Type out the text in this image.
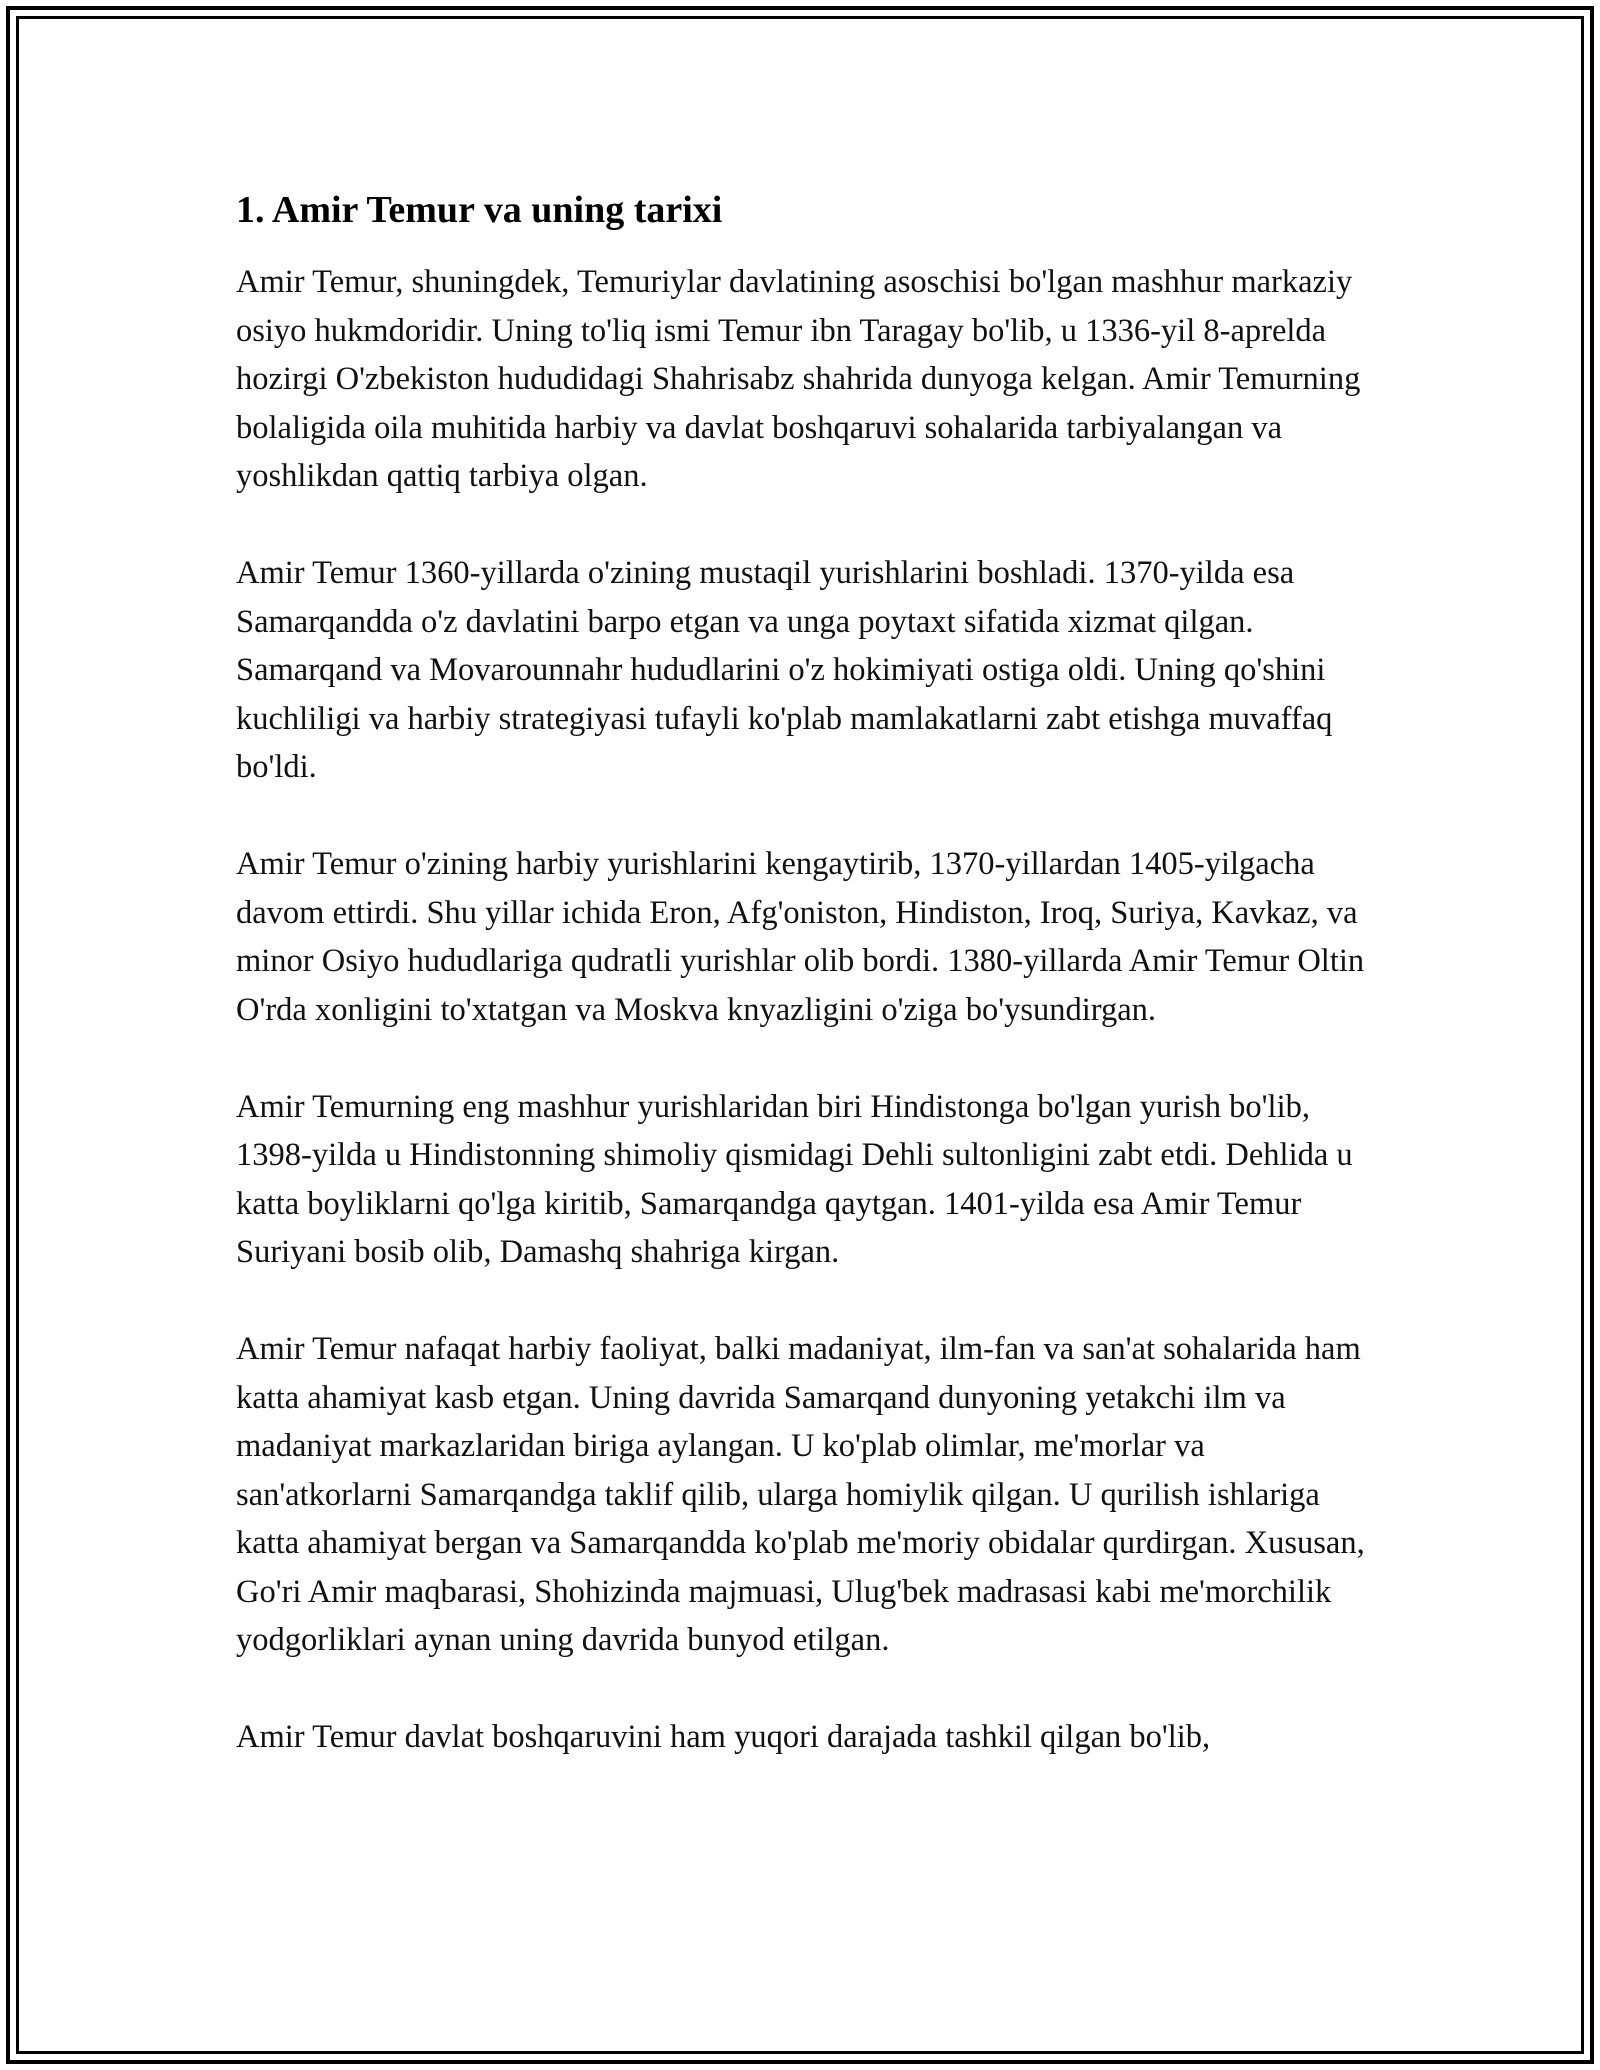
1. Amir Temur va uning tarixi

Amir Temur, shuningdek, Temuriylar davlatining asoschisi bo'lgan mashhur markaziy osiyo hukmdoridir. Uning to'liq ismi Temur ibn Taragay bo'lib, u 1336-yil 8-aprelda hozirgi O'zbekiston hududidagi Shahrisabz shahrida dunyoga kelgan. Amir Temurning bolaligida oila muhitida harbiy va davlat boshqaruvi sohalarida tarbiyalangan va yoshlikdan qattiq tarbiya olgan.

Amir Temur 1360-yillarda o'zining mustaqil yurishlarini boshladi. 1370-yilda esa Samarqandda o'z davlatini barpo etgan va unga poytaxt sifatida xizmat qilgan. Samarqand va Movarounnahr hududlarini o'z hokimiyati ostiga oldi. Uning qo'shini kuchliligi va harbiy strategiyasi tufayli ko'plab mamlakatlarni zabt etishga muvaffaq bo'ldi.

Amir Temur o'zining harbiy yurishlarini kengaytirib, 1370-yillardan 1405-yilgacha davom ettirdi. Shu yillar ichida Eron, Afg'oniston, Hindiston, Iroq, Suriya, Kavkaz, va minor Osiyo hududlariga qudratli yurishlar olib bordi. 1380-yillarda Amir Temur Oltin O'rda xonligini to'xtatgan va Moskva knyazligini o'ziga bo'ysundirgan.

Amir Temurning eng mashhur yurishlaridan biri Hindistonga bo'lgan yurish bo'lib, 1398-yilda u Hindistonning shimoliy qismidagi Dehli sultonligini zabt etdi. Dehlida u katta boyliklarni qo'lga kiritib, Samarqandga qaytgan. 1401-yilda esa Amir Temur Suriyani bosib olib, Damashq shahriga kirgan.

Amir Temur nafaqat harbiy faoliyat, balki madaniyat, ilm-fan va san'at sohalarida ham katta ahamiyat kasb etgan. Uning davrida Samarqand dunyoning yetakchi ilm va madaniyat markazlaridan biriga aylangan. U ko'plab olimlar, me'morlar va san'atkorlarni Samarqandga taklif qilib, ularga homiylik qilgan. U qurilish ishlariga katta ahamiyat bergan va Samarqandda ko'plab me'moriy obidalar qurdirgan. Xususan, Go'ri Amir maqbarasi, Shohizinda majmuasi, Ulug'bek madrasasi kabi me'morchilik yodgorliklari aynan uning davrida bunyod etilgan.

Amir Temur davlat boshqaruvini ham yuqori darajada tashkil qilgan bo'lib,
